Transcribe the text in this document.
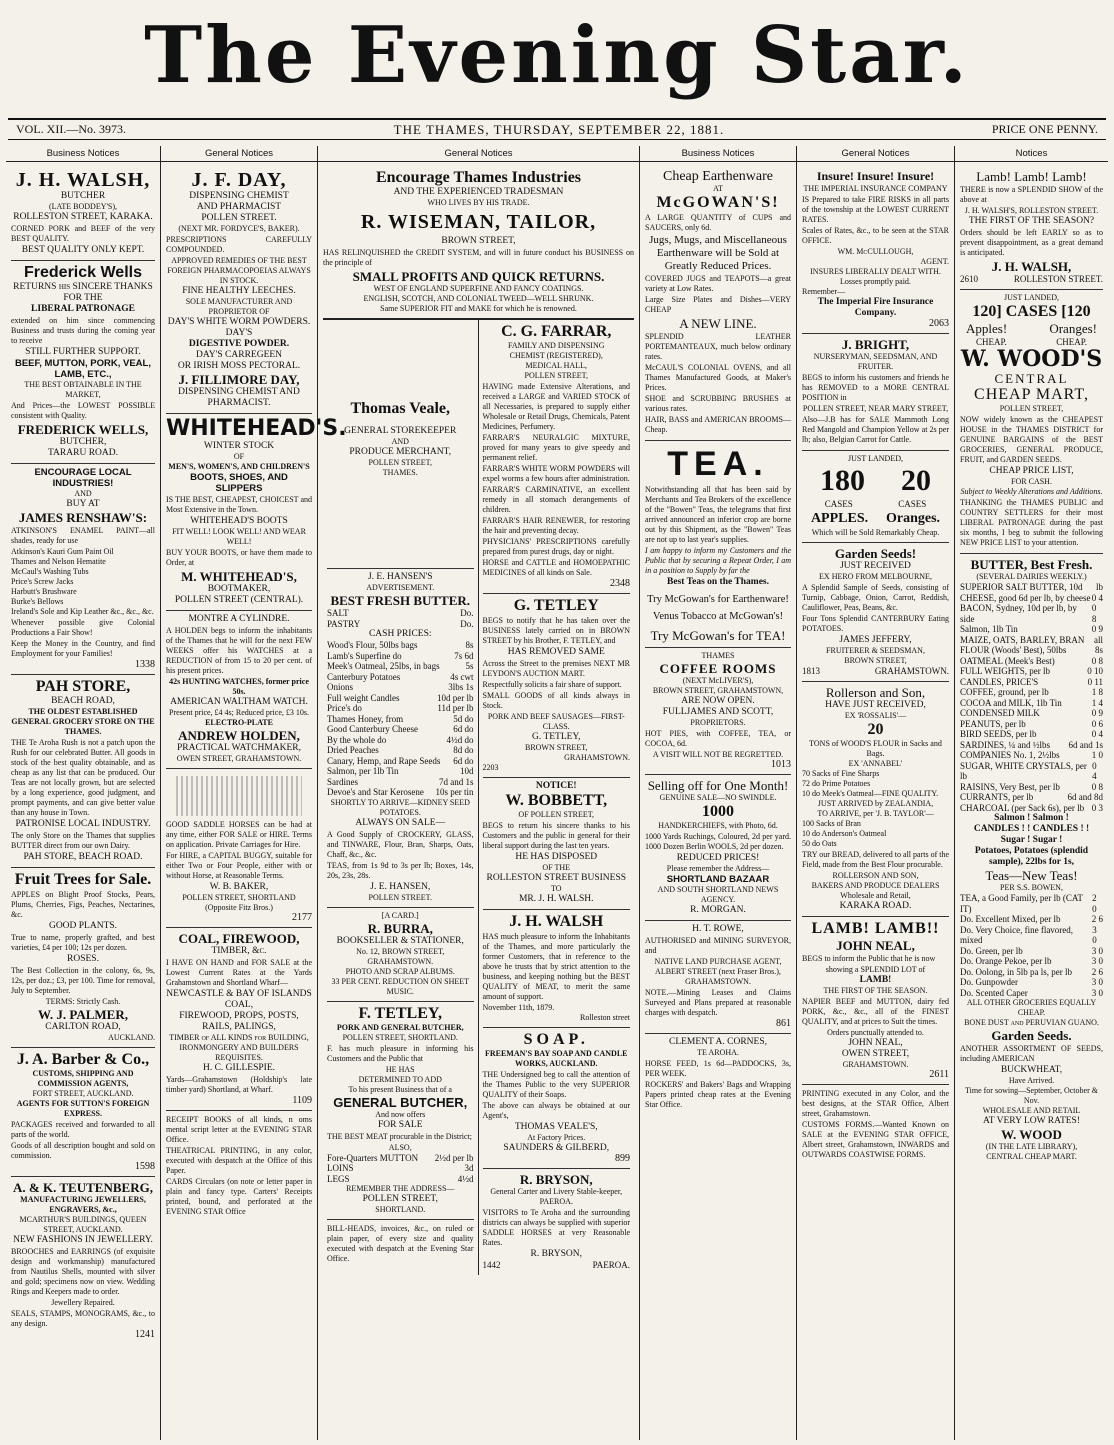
The Evening Star.
VOL. XII.—No. 3973.	THE THAMES, THURSDAY, SEPTEMBER 22, 1881.	PRICE ONE PENNY.
Business Notices
J. H. WALSH,
BUTCHER
(LATE BODDEY'S),
ROLLESTON STREET, KARAKA.

CORNED PORK and BEEF of the very BEST QUALITY.

BEST QUALITY ONLY KEPT.
Frederick Wells
RETURNS his SINCERE THANKS FOR THE
LIBERAL PATRONAGE

extended on him since commencing Business and trusts during the coming year to receive

STILL FURTHER SUPPORT.
BEEF, MUTTON, PORK, VEAL, LAMB, ETC.,
THE BEST OBTAINABLE IN THE MARKET,

And Prices—the LOWEST POSSIBLE consistent with Quality.

FREDERICK WELLS,
BUTCHER,
TARARU ROAD.
ENCOURAGE LOCAL INDUSTRIES!
AND
BUY AT
JAMES RENSHAW'S:

ATKINSON'S ENAMEL PAINT—all shades, ready for use

Atkinson's Kauri Gum Paint Oil
Thames and Nelson Hematite
McCaul's Washing Tubs
Price's Screw Jacks
Harbutt's Brushware
Burke's Bellows
Ireland's Sole and Kip Leather &c., &c., &c.

Whenever possible give Colonial Productions a Fair Show!

Keep the Money in the Country, and find Employment for your Families!

1338
PAH STORE,
BEACH ROAD,
THE OLDEST ESTABLISHED GENERAL GROCERY STORE ON THE THAMES.

THE Te Aroha Rush is not a patch upon the Rush for our celebrated Butter. All goods in stock of the best quality obtainable, and as cheap as any list that can be produced. Our Teas are not locally grown, but are selected by a long experience, good judgment, and prompt payments, and can give better value than any house in Town.

PATRONISE LOCAL INDUSTRY.

The only Store on the Thames that supplies BUTTER direct from our own Dairy.

PAH STORE, BEACH ROAD.
Fruit Trees for Sale.

APPLES on Blight Proof Stocks, Pears, Plums, Cherries, Figs, Peaches, Nectarines, &c.

GOOD PLANTS.

True to name, properly grafted, and best varieties, £4 per 100; 12s per dozen.

ROSES.

The Best Collection in the colony, 6s, 9s, 12s, per doz.; £3, per 100. Time for removal, July to September.

TERMS: Strictly Cash.
W. J. PALMER,
CARLTON ROAD,
AUCKLAND.
J. A. Barber & Co.,
CUSTOMS, SHIPPING AND COMMISSION AGENTS,
FORT STREET, AUCKLAND.
AGENTS FOR SUTTON'S FOREIGN EXPRESS.

PACKAGES received and forwarded to all parts of the world.

Goods of all description bought and sold on commission.

1598
A. & K. TEUTENBERG,
MANUFACTURING JEWELLERS, ENGRAVERS, &c.,
MCARTHUR'S BUILDINGS, QUEEN STREET, AUCKLAND.
NEW FASHIONS IN JEWELLERY.

BROOCHES and EARRINGS (of exquisite design and workmanship) manufactured from Nautilus Shells, mounted with silver and gold; specimens now on view. Wedding Rings and Keepers made to order.

Jewellery Repaired.

SEALS, STAMPS, MONOGRAMS, &c., to any design.

1241
General Notices
J. F. DAY,
DISPENSING CHEMIST
AND PHARMACIST
POLLEN STREET.
(NEXT MR. FORDYCE'S, BAKER).

PRESCRIPTIONS CAREFULLY COMPOUNDED.

APPROVED REMEDIES OF THE BEST FOREIGN PHARMACOPOEIAS ALWAYS IN STOCK.
FINE HEALTHY LEECHES.
SOLE MANUFACTURER AND PROPRIETOR OF
DAY'S WHITE WORM POWDERS.
DAY'S
DIGESTIVE POWDER.
DAY'S CARREGEEN
OR IRISH MOSS PECTORAL.
J. FILLIMORE DAY,
DISPENSING CHEMIST AND PHARMACIST.
WHITEHEAD'S.
WINTER STOCK
OF
MEN'S, WOMEN'S, AND CHILDREN'S
BOOTS, SHOES, AND SLIPPERS

IS THE BEST, CHEAPEST, CHOICEST and Most Extensive in the Town.

WHITEHEAD'S BOOTS
FIT WELL! LOOK WELL! AND WEAR WELL!

BUY YOUR BOOTS, or have them made to Order, at

M. WHITEHEAD'S,
BOOTMAKER,
POLLEN STREET (CENTRAL).
MONTRE A CYLINDRE.

A HOLDEN begs to inform the inhabitants of the Thames that he will for the next FEW WEEKS offer his WATCHES at a REDUCTION of from 15 to 20 per cent. of his present prices.

42s HUNTING WATCHES, former price 50s.
AMERICAN WALTHAM WATCH.
Present price, £4 4s; Reduced price, £3 10s.
ELECTRO-PLATE
ANDREW HOLDEN,
PRACTICAL WATCHMAKER,
OWEN STREET, GRAHAMSTOWN.

GOOD SADDLE HORSES can be had at any time, either FOR SALE or HIRE. Terms on application. Private Carriages for Hire.

For HIRE, a CAPITAL BUGGY, suitable for either Two or Four People, either with or without Horse, at Reasonable Terms.

W. B. BAKER,
POLLEN STREET, SHORTLAND
(Opposite Fitz Bros.)
2177
COAL, FIREWOOD,
TIMBER, &c.

I HAVE ON HAND and FOR SALE at the Lowest Current Rates at the Yards Grahamstown and Shortland Wharf—

NEWCASTLE & BAY OF ISLANDS COAL,
FIREWOOD, PROPS, POSTS, RAILS, PALINGS,
TIMBER of ALL KINDS for BUILDING,
IRONMONGERY AND BUILDERS REQUISITES.
H. C. GILLESPIE.

Yards—Grahamstown (Holdship's late timber yard) Shortland, at Wharf.

1109

RECEIPT BOOKS of all kinds, n oms mental script letter at the EVENING STAR Office.

THEATRICAL PRINTING, in any color, executed with despatch at the Office of this Paper.

CARDS Circulars (on note or letter paper in plain and fancy type. Carters' Receipts printed, bound, and perforated at the EVENING STAR Office

General Notices
Encourage Thames Industries
AND THE EXPERIENCED TRADESMAN
WHO LIVES BY HIS TRADE.
R. WISEMAN, TAILOR,
BROWN STREET,

HAS RELINQUISHED the CREDIT SYSTEM, and will in future conduct his BUSINESS on the principle of

SMALL PROFITS AND QUICK RETURNS.
WEST OF ENGLAND SUPERFINE AND FANCY COATINGS.
ENGLISH, SCOTCH, AND COLONIAL TWEED—WELL SHRUNK.
Same SUPERIOR FIT and MAKE for which he is renowned.
Thomas Veale,
GENERAL STOREKEEPER
AND
PRODUCE MERCHANT,
POLLEN STREET,
THAMES.
J. E. HANSEN'S
ADVERTISEMENT.
BEST FRESH BUTTER.
SALT	Do.
PASTRY	Do.
CASH PRICES:
Wood's Flour, 50lbs bags	8s
Lamb's Superfine do	7s 6d
Meek's Oatmeal, 25lbs, in bags	5s
Canterbury Potatoes	4s cwt
Onions	3lbs 1s
Full weight Candles	10d per lb
Price's do	11d per lb
Thames Honey, from	5d do
Good Canterbury Cheese	6d do
By the whole do	4½d do
Dried Peaches	8d do
Canary, Hemp, and Rape Seeds 6d do
Salmon, per 1lb Tin	10d
Sardines	7d and 1s
Devoe's and Star Kerosene 10s per tin
SHORTLY TO ARRIVE—KIDNEY SEED POTATOES.
ALWAYS ON SALE—

A Good Supply of CROCKERY, GLASS, and TINWARE, Flour, Bran, Sharps, Oats, Chaff, &c., &c.

TEAS, from 1s 9d to 3s per lb; Boxes, 14s, 20s, 23s, 28s.

J. E. HANSEN,
POLLEN STREET.
[A CARD.]
R. BURRA,
BOOKSELLER & STATIONER,
No. 12, BROWN STREET,
GRAHAMSTOWN.
PHOTO AND SCRAP ALBUMS.
33 PER CENT. REDUCTION ON SHEET MUSIC.
F. TETLEY,
PORK AND GENERAL BUTCHER,
POLLEN STREET, SHORTLAND.

F. has much pleasure in informing his Customers and the Public that

HE HAS
DETERMINED TO ADD
To his present Business that of a
GENERAL BUTCHER,
And now offers
FOR SALE

THE BEST MEAT procurable in the District;

ALSO,
Fore-Quarters MUTTON 2½d per lb
LOINS	3d
LEGS	4½d
REMEMBER THE ADDRESS—
POLLEN STREET,
SHORTLAND.

BILL-HEADS, invoices, &c., on ruled or plain paper, of every size and quality executed with despatch at the Evening Star Office.

C. G. FARRAR,
FAMILY AND DISPENSING
CHEMIST (REGISTERED),
MEDICAL HALL,
POLLEN STREET,

HAVING made Extensive Alterations, and received a LARGE and VARIED STOCK of all Necessaries, is prepared to supply either Wholesale or Retail Drugs, Chemicals, Patent Medicines, Perfumery.

FARRAR'S NEURALGIC MIXTURE, proved for many years to give speedy and permanent relief.

FARRAR'S WHITE WORM POWDERS will expel worms a few hours after administration.

FARRAR'S CARMINATIVE, an excellent remedy in all stomach derangements of children.

FARRAR'S HAIR RENEWER, for restoring the hair and preventing decay.

PHYSICIANS' PRESCRIPTIONS carefully prepared from purest drugs, day or night.

HORSE and CATTLE and HOMOEPATHIC MEDICINES of all kinds on Sale.

2348
G. TETLEY

BEGS to notify that he has taken over the BUSINESS lately carried on in BROWN STREET by his Brother, F. TETLEY, and

HAS REMOVED SAME

Across the Street to the premises NEXT MR LEYDON'S AUCTION MART.

Respectfully solicits a fair share of support.

SMALL GOODS of all kinds always in Stock.

PORK AND BEEF SAUSAGES—FIRST-CLASS.
G. TETLEY,
BROWN STREET,
GRAHAMSTOWN.
2203
NOTICE!
W. BOBBETT,
OF POLLEN STREET,

BEGS to return his sincere thanks to his Customers and the public in general for their liberal support during the last ten years.

HE HAS DISPOSED
OF THE
ROLLESTON STREET BUSINESS
TO
MR. J. H. WALSH.
J. H. WALSH

HAS much pleasure to inform the Inhabitants of the Thames, and more particularly the former Customers, that in reference to the above he trusts that by strict attention to the business, and keeping nothing but the BEST QUALITY of MEAT, to merit the same amount of support.

November 11th, 1879.
Rolleston street
SOAP.
FREEMAN'S BAY SOAP AND CANDLE WORKS, AUCKLAND.

THE Undersigned beg to call the attention of the Thames Public to the very SUPERIOR QUALITY of their Soaps.

The above can always be obtained at our Agent's,

THOMAS VEALE'S,
At Factory Prices.
SAUNDERS & GILBERD,
899
R. BRYSON,
General Carter and Livery Stable-keeper,
PAEROA.

VISITORS to Te Aroha and the surrounding districts can always be supplied with superior SADDLE HORSES at very Reasonable Rates.

R. BRYSON,
1442	PAEROA.
Business Notices
Cheap Earthenware
AT
McGOWAN'S!

A LARGE QUANTITY of CUPS and SAUCERS, only 6d.

Jugs, Mugs, and Miscellaneous Earthenware will be Sold at Greatly Reduced Prices.

COVERED JUGS and TEAPOTS—a great variety at Low Rates.

Large Size Plates and Dishes—VERY CHEAP

A NEW LINE.

SPLENDID LEATHER PORTEMANTEAUX, much below ordinary rates.

McCAUL'S COLONIAL OVENS, and all Thames Manufactured Goods, at Maker's Prices.

SHOE and SCRUBBING BRUSHES at various rates.

HAIR, BASS and AMERICAN BROOMS—Cheap.

TEA.

Notwithstanding all that has been said by Merchants and Tea Brokers of the excellence of the "Bowen" Teas, the telegrams that first arrived announced an inferior crop are borne out by this Shipment, as the "Bowen" Teas are not up to last year's supplies.

I am happy to inform my Customers and the Public that by securing a Repeat Order, I am in a position to Supply by far the

Best Teas on the Thames.
Try McGowan's for Earthenware!
Venus Tobacco at McGowan's!
Try McGowan's for TEA!
THAMES
COFFEE ROOMS
(NEXT McLIVER'S),
BROWN STREET, GRAHAMSTOWN,
ARE NOW OPEN.
FULLJAMES AND SCOTT,
PROPRIETORS.

HOT PIES, with COFFEE, TEA, or COCOA, 6d.

A VISIT WILL NOT BE REGRETTED.
1013
Selling off for One Month!
GENUINE SALE—NO SWINDLE.
1000
HANDKERCHIEFS, with Photo, 6d.

1000 Yards Ruchings, Coloured, 2d per yard. 1000 Dozen Berlin WOOLS, 2d per dozen.

REDUCED PRICES!
Please remember the Address—
SHORTLAND BAZAAR
AND SOUTH SHORTLAND NEWS AGENCY.
R. MORGAN.
H. T. ROWE,

AUTHORISED and MINING SURVEYOR, and

NATIVE LAND PURCHASE AGENT,
ALBERT STREET (next Fraser Bros.),
GRAHAMSTOWN.

NOTE.—Mining Leases and Claims Surveyed and Plans prepared at reasonable charges with despatch.

861
CLEMENT A. CORNES,
TE AROHA.

HORSE FEED, 1s 6d—PADDOCKS, 3s, PER WEEK.

ROCKERS' and Bakers' Bags and Wrapping Papers printed cheap rates at the Evening Star Office.

General Notices
Insure! Insure! Insure!
THE IMPERIAL INSURANCE COMPANY

IS Prepared to take FIRE RISKS in all parts of the township at the LOWEST CURRENT RATES.

Scales of Rates, &c., to be seen at the STAR OFFICE.

WM. McCULLOUGH,
AGENT.
INSURES LIBERALLY DEALT WITH.
Losses promptly paid.
Remember—
The Imperial Fire Insurance Company.
2063
J. BRIGHT,
NURSERYMAN, SEEDSMAN, AND FRUITER.

BEGS to inform his customers and friends he has REMOVED to a MORE CENTRAL POSITION in

POLLEN STREET, NEAR MARY STREET,

Also—J.B has for SALE Mammoth Long Red Mangold and Champion Yellow at 2s per lb; also, Belgian Carrot for Cattle.

JUST LANDED,
180 20
CASES	CASES
APPLES. Oranges.
Which will be Sold Remarkably Cheap.
Garden Seeds!
JUST RECEIVED
EX HERO FROM MELBOURNE,

A Splendid Sample of Seeds, consisting of Turnip, Cabbage, Onion, Carrot, Reddish, Cauliflower, Peas, Beans, &c.

Four Tons Splendid CANTERBURY Eating POTATOES.

JAMES JEFFERY,
FRUITERER & SEEDSMAN,
BROWN STREET,
1813	GRAHAMSTOWN.
Rollerson and Son,
HAVE JUST RECEIVED,
EX 'ROSSALIS'—
20
TONS of WOOD'S FLOUR in Sacks and Bags.
EX 'ANNABEL'
70 Sacks of Fine Sharps
72 do Prime Potatoes
10 do Meek's Oatmeal—FINE QUALITY.
JUST ARRIVED by ZEALANDIA,
TO ARRIVE, per 'J. B. TAYLOR'—
100 Sacks of Bran
10 do Anderson's Oatmeal
50 do Oats

TRY our BREAD, delivered to all parts of the Field, made from the Best Flour procurable.

ROLLERSON AND SON,
BAKERS AND PRODUCE DEALERS
Wholesale and Retail,
KARAKA ROAD.
LAMB! LAMB!!
JOHN NEAL,

BEGS to inform the Public that he is now

showing a SPLENDID LOT of
LAMB!
THE FIRST OF THE SEASON.

NAPIER BEEF and MUTTON, dairy fed PORK, &c., &c., all of the FINEST QUALITY, and at prices to Suit the times.

Orders punctually attended to.
JOHN NEAL,
OWEN STREET,
GRAHAMSTOWN.
2611

PRINTING executed in any Color, and the best designs, at the STAR Office, Albert street, Grahamstown.

CUSTOMS FORMS.—Wanted Known on SALE at the EVENING STAR OFFICE, Albert street, Grahamstown, INWARDS and OUTWARDS COASTWISE FORMS.

Notices
Lamb! Lamb! Lamb!

THERE is now a SPLENDID SHOW of the above at

J. H. WALSH'S, ROLLESTON STREET.
THE FIRST OF THE SEASON?

Orders should be left EARLY so as to prevent disappointment, as a great demand is anticipated.

J. H. WALSH,
2610	ROLLESTON STREET.
JUST LANDED,
120] CASES [120
Apples!	Oranges!
CHEAP.	CHEAP.
W. WOOD'S
CENTRAL
CHEAP MART,
POLLEN STREET,

NOW widely known as the CHEAPEST HOUSE in the THAMES DISTRICT for GENUINE BARGAINS of the BEST GROCERIES, GENERAL PRODUCE, FRUIT, and GARDEN SEEDS.

CHEAP PRICE LIST,
FOR CASH.
Subject to Weekly Alterations and Additions.

THANKING the THAMES PUBLIC and COUNTRY SETTLERS for their most LIBERAL PATRONAGE during the past six months, I beg to submit the following NEW PRICE LIST to your attention.

BUTTER, Best Fresh.
(SEVERAL DAIRIES WEEKLY.)
SUPERIOR SALT BUTTER, 10d lb
CHEESE, good 6d per lb, by cheese 0 4
BACON, Sydney, 10d per lb, by side
0 8
Salmon, 1lb Tin	0 9
MAIZE, OATS, BARLEY, BRAN all
FLOUR (Woods' Best), 50lbs	8s
OATMEAL (Meek's Best)	0 8
FULL WEIGHTS, per lb	0 10
CANDLES, PRICE'S	0 11
COFFEE, ground, per lb	1 8
COCOA and MILK, 1lb Tin	1 4
CONDENSED MILK	0 9
PEANUTS, per lb	0 6
BIRD SEEDS, per lb	0 4
SARDINES, ¼ and ½lbs 6d and 1s
COMPANIES No. 1, 2½lbs	1 0
SUGAR, WHITE CRYSTALS, per lb
0 4
RAISINS, Very Best, per lb	0 8
CURRANTS, per lb	6d and 8d
CHARCOAL (per Sack 6s), per lb 0 3
Salmon ! Salmon !
CANDLES ! ! CANDLES ! !
Sugar ! Sugar !
Potatoes, Potatoes (splendid sample), 22lbs for 1s,
Teas—New Teas!
PER S.S. BOWEN,
TEA, a Good Family, per lb (CAT IT)
2 0
Do. Excellent Mixed, per lb	2 6
Do. Very Choice, fine flavored, mixed
3 0
Do. Green, per lb	3 0
Do. Orange Pekoe, per lb	3 0
Do. Oolong, in 5lb pa ls, per lb 2 6
Do. Gunpowder	3 0
Do. Scented Caper	3 0
ALL OTHER GROCERIES EQUALLY CHEAP.
BONE DUST and PERUVIAN GUANO.
Garden Seeds.

ANOTHER ASSORTMENT OF SEEDS, including AMERICAN

BUCKWHEAT,
Have Arrived.
Time for sowing—September, October & Nov.
WHOLESALE AND RETAIL
AT VERY LOW RATES!
W. WOOD
(IN THE LATE LIBRARY),
CENTRAL CHEAP MART.
